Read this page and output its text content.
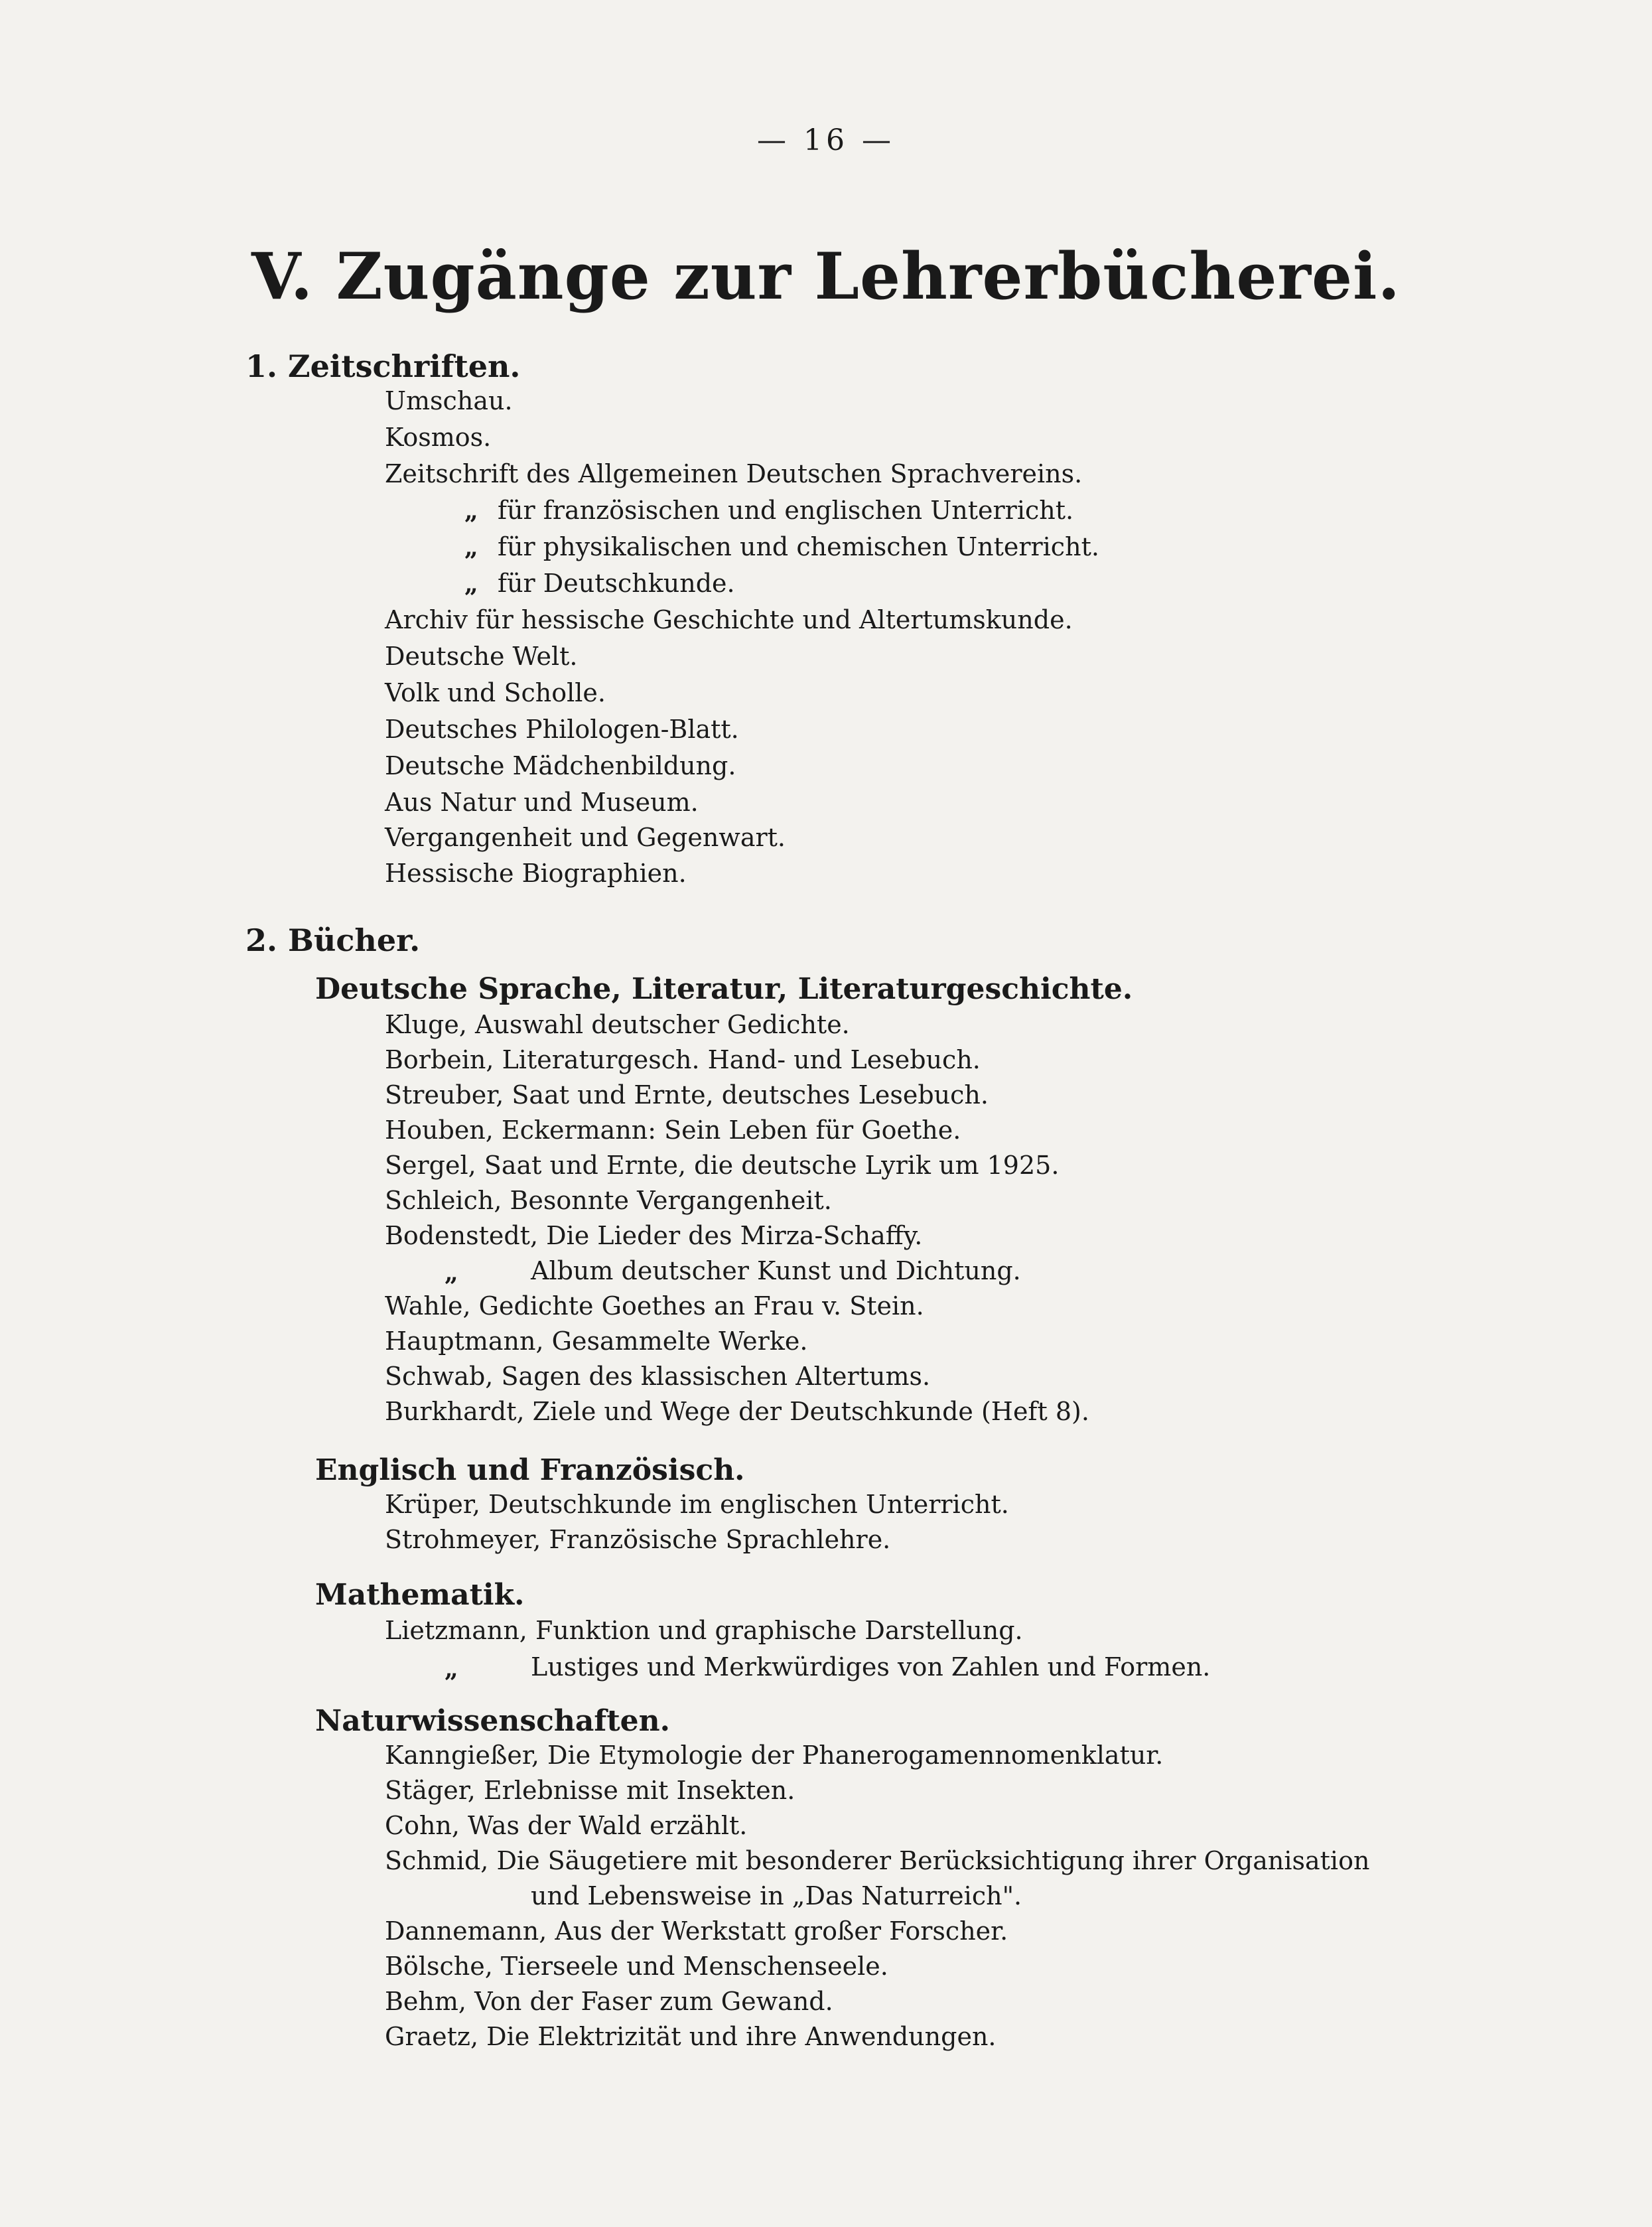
— 16 —
V. Zugänge zur Lehrerbücherei.
1. Zeitschriften.
Umschau.
Kosmos.
Zeitschrift des Allgemeinen Deutschen Sprachvereins.
„ für französischen und englischen Unterricht.
„ für physikalischen und chemischen Unterricht.
„ für Deutschkunde.
Archiv für hessische Geschichte und Altertumskunde.
Deutsche Welt.
Volk und Scholle.
Deutsches Philologen-Blatt.
Deutsche Mädchenbildung.
Aus Natur und Museum.
Vergangenheit und Gegenwart.
Hessische Biographien.
2. Bücher.
Deutsche Sprache, Literatur, Literaturgeschichte.
Kluge, Auswahl deutscher Gedichte.
Borbein, Literaturgesch. Hand- und Lesebuch.
Streuber, Saat und Ernte, deutsches Lesebuch.
Houben, Eckermann: Sein Leben für Goethe.
Sergel, Saat und Ernte, die deutsche Lyrik um 1925.
Schleich, Besonnte Vergangenheit.
Bodenstedt, Die Lieder des Mirza-Schaffy.
„	Album deutscher Kunst und Dichtung.
Wahle, Gedichte Goethes an Frau v. Stein.
Hauptmann, Gesammelte Werke.
Schwab, Sagen des klassischen Altertums.
Burkhardt, Ziele und Wege der Deutschkunde (Heft 8).
Englisch und Französisch.
Krüper, Deutschkunde im englischen Unterricht.
Strohmeyer, Französische Sprachlehre.
Mathematik.
Lietzmann, Funktion und graphische Darstellung.
„	Lustiges und Merkwürdiges von Zahlen und Formen.
Naturwissenschaften.
Kanngießer, Die Etymologie der Phanerogamennomenklatur.
Stäger, Erlebnisse mit Insekten.
Cohn, Was der Wald erzählt.
Schmid, Die Säugetiere mit besonderer Berücksichtigung ihrer Organisation
und Lebensweise in „Das Naturreich".
Dannemann, Aus der Werkstatt großer Forscher.
Bölsche, Tierseele und Menschenseele.
Behm, Von der Faser zum Gewand.
Graetz, Die Elektrizität und ihre Anwendungen.
